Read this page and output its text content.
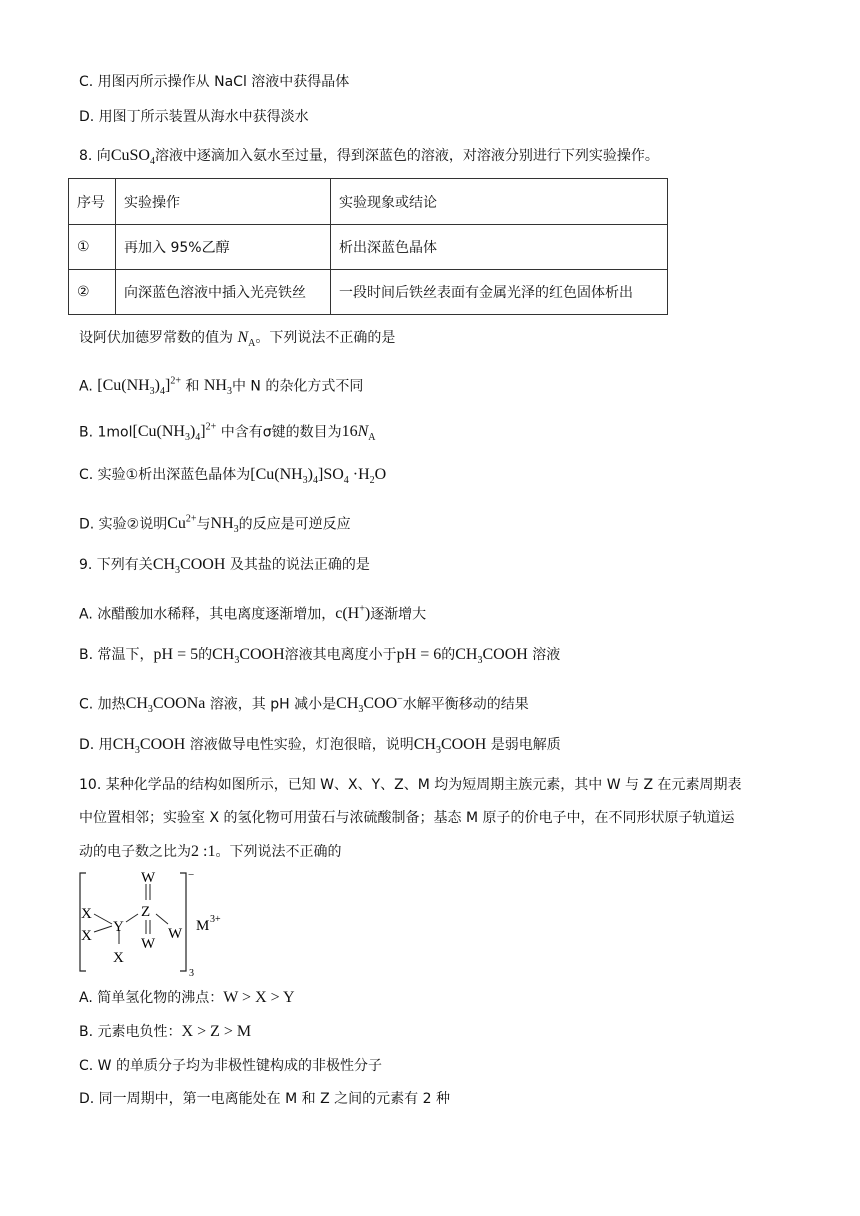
C. 用图丙所示操作从 NaCl 溶液中获得晶体
D. 用图丁所示装置从海水中获得淡水
8. 向CuSO$_4$溶液中逐滴加入氨水至过量，得到深蓝色的溶液，对溶液分别进行下列实验操作。
序号	实验操作	实验现象或结论
①	再加入 95%乙醇	析出深蓝色晶体
②	向深蓝色溶液中插入光亮铁丝	一段时间后铁丝表面有金属光泽的红色固体析出
设阿伏加德罗常数的值为 $N_A$。下列说法不正确的是
A. $[Cu(NH_3)_4]^{2+}$ 和 $NH_3$中 N 的杂化方式不同
B. $1mol[Cu(NH_3)_4]^{2+}$ 中含有σ键的数目为$16N_A$
C. 实验①析出深蓝色晶体为$[Cu(NH_3)_4]SO_4 \cdot H_2O$
D. 实验②说明$Cu^{2+}$与$NH_3$的反应是可逆反应
9. 下列有关$CH_3COOH$ 及其盐的说法正确的是
A. 冰醋酸加水稀释，其电离度逐渐增加，c(H+)逐渐增大
B. 常温下，pH = 5的$CH_3COOH$溶液其电离度小于pH = 6的$CH_3COOH$ 溶液
C. 加热$CH_3COONa$ 溶液，其 pH 减小是$CH_3COO^-$水解平衡移动的结果
D. 用$CH_3COOH$ 溶液做导电性实验，灯泡很暗，说明$CH_3COOH$ 是弱电解质
10. 某种化学品的结构如图所示，已知 W、X、Y、Z、M 均为短周期主族元素，其中 W 与 Z 在元素周期表
中位置相邻；实验室 X 的氢化物可用萤石与浓硫酸制备；基态 M 原子的价电子中，在不同形状原子轨道运
动的电子数之比为2 :1。下列说法不正确的
W
X
X
Y
Z
W
W
X
−
3
M 3+
A. 简单氢化物的沸点：W > X > Y
B. 元素电负性：X > Z > M
C. W 的单质分子均为非极性键构成的非极性分子
D. 同一周期中，第一电离能处在 M 和 Z 之间的元素有 2 种
